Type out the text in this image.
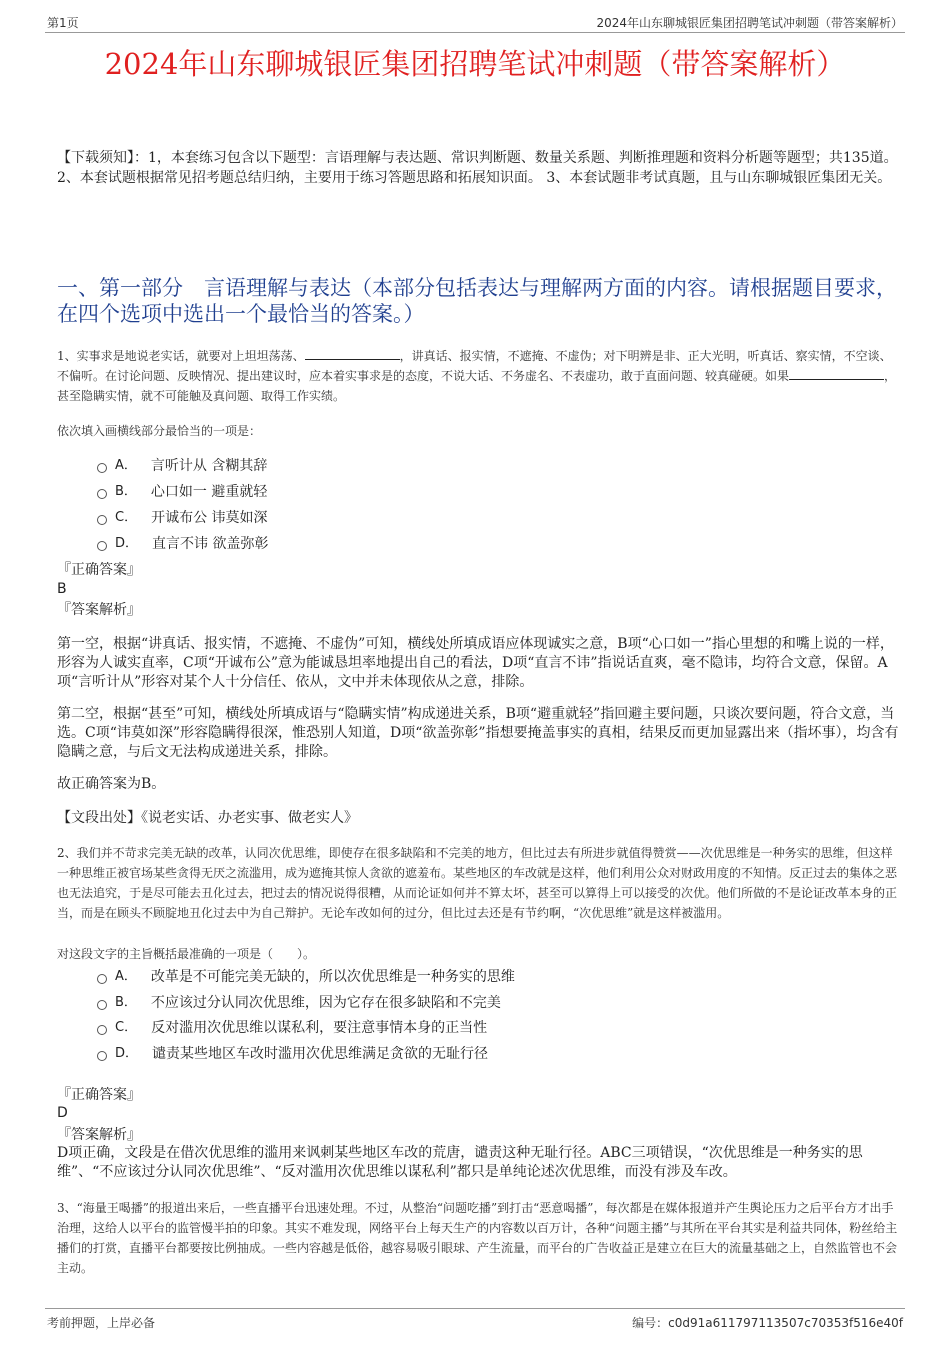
第1页	2024年山东聊城银匠集团招聘笔试冲刺题（带答案解析）
2024年山东聊城银匠集团招聘笔试冲刺题（带答案解析）
【下载须知】：1，本套练习包含以下题型：言语理解与表达题、常识判断题、数量关系题、判断推理题和资料分析题等题型；共135道。 2、本套试题根据常见招考题总结归纳，主要用于练习答题思路和拓展知识面。 3、本套试题非考试真题，且与山东聊城银匠集团无关。
一、第一部分　言语理解与表达（本部分包括表达与理解两方面的内容。请根据题目要求，在四个选项中选出一个最恰当的答案。）
1、实事求是地说老实话，就要对上坦坦荡荡、	，讲真话、报实情，不遮掩、不虚伪；对下明辨是非、正大光明，听真话、察实情，不空谈、不偏听。在讨论问题、反映情况、提出建议时，应本着实事求是的态度，不说大话、不务虚名、不表虚功，敢于直面问题、较真碰硬。如果	，甚至隐瞒实情，就不可能触及真问题、取得工作实绩。
依次填入画横线部分最恰当的一项是：
A． 言听计从 含糊其辞
B． 心口如一 避重就轻
C． 开诚布公 讳莫如深
D． 直言不讳 欲盖弥彰
『正确答案』
B
『答案解析』
第一空，根据“讲真话、报实情，不遮掩、不虚伪”可知，横线处所填成语应体现诚实之意，B项“心口如一”指心里想的和嘴上说的一样，形容为人诚实直率，C项“开诚布公”意为能诚恳坦率地提出自己的看法，D项“直言不讳”指说话直爽，毫不隐讳，均符合文意，保留。A项“言听计从”形容对某个人十分信任、依从，文中并未体现依从之意，排除。
第二空，根据“甚至”可知，横线处所填成语与“隐瞒实情”构成递进关系，B项“避重就轻”指回避主要问题，只谈次要问题，符合文意，当选。C项“讳莫如深”形容隐瞒得很深，惟恐别人知道，D项“欲盖弥彰”指想要掩盖事实的真相，结果反而更加显露出来（指坏事），均含有隐瞒之意，与后文无法构成递进关系，排除。
故正确答案为B。
【文段出处】《说老实话、办老实事、做老实人》
2、我们并不苛求完美无缺的改革，认同次优思维，即使存在很多缺陷和不完美的地方，但比过去有所进步就值得赞赏——次优思维是一种务实的思维，但这样一种思维正被官场某些贪得无厌之流滥用，成为遮掩其惊人贪欲的遮羞布。某些地区的车改就是这样，他们利用公众对财政用度的不知情。反正过去的集体之恶也无法追究，于是尽可能去丑化过去，把过去的情况说得很糟，从而论证如何并不算太坏，甚至可以算得上可以接受的次优。他们所做的不是论证改革本身的正当，而是在顾头不顾腚地丑化过去中为自己辩护。无论车改如何的过分，但比过去还是有节约啊，“次优思维”就是这样被滥用。
对这段文字的主旨概括最准确的一项是（　　）。
A． 改革是不可能完美无缺的，所以次优思维是一种务实的思维
B． 不应该过分认同次优思维，因为它存在很多缺陷和不完美
C． 反对滥用次优思维以谋私利，要注意事情本身的正当性
D． 谴责某些地区车改时滥用次优思维满足贪欲的无耻行径
『正确答案』
D
『答案解析』
D项正确，文段是在借次优思维的滥用来讽刺某些地区车改的荒唐，谴责这种无耻行径。ABC三项错误，“次优思维是一种务实的思维”、“不应该过分认同次优思维”、“反对滥用次优思维以谋私利”都只是单纯论述次优思维，而没有涉及车改。
3、“海量王喝播”的报道出来后，一些直播平台迅速处理。不过，从整治“问题吃播”到打击“恶意喝播”，每次都是在媒体报道并产生舆论压力之后平台方才出手治理，这给人以平台的监管慢半拍的印象。其实不难发现，网络平台上每天生产的内容数以百万计，各种“问题主播”与其所在平台其实是利益共同体，粉丝给主播们的打赏，直播平台都要按比例抽成。一些内容越是低俗，越容易吸引眼球、产生流量，而平台的广告收益正是建立在巨大的流量基础之上，自然监管也不会主动。
考前押题，上岸必备	编号：c0d91a611797113507c70353f516e40f
